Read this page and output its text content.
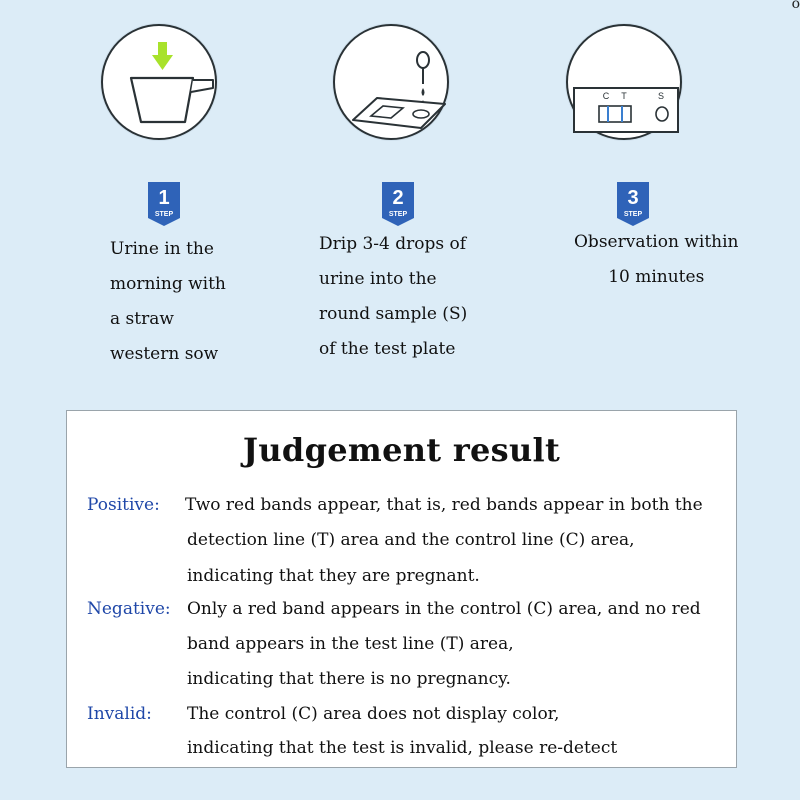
o
1
STEP
Urine in the
morning with
a straw
western sow
2
STEP
Drip 3-4 drops of
urine into the
round sample (S)
of the test plate
C T	S
3
STEP
Observation within
10 minutes
Judgement result
Positive: Two red bands appear, that is, red bands appear in both the
detection line (T) area and the control line (C) area,
indicating that they are pregnant.
Negative: Only a red band appears in the control (C) area, and no red
band appears in the test line (T) area,
indicating that there is no pregnancy.
Invalid: The control (C) area does not display color,
indicating that the test is invalid, please re-detect
